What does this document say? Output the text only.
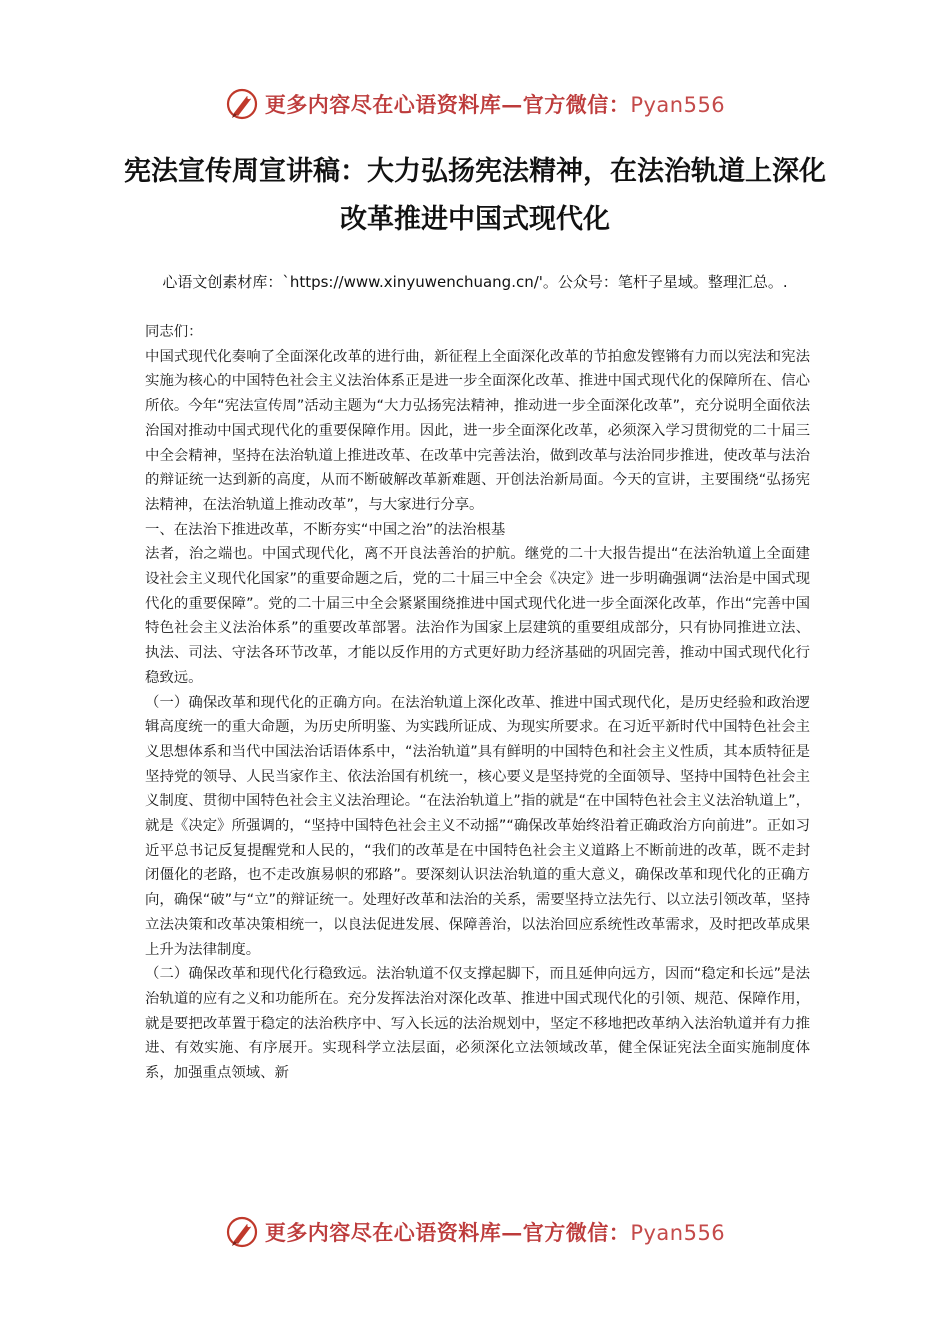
更多内容尽在心语资料库—官方微信：Pyan556
宪法宣传周宣讲稿：大力弘扬宪法精神，在法治轨道上深化改革推进中国式现代化
心语文创素材库：`https://www.xinyuwenchuang.cn/'。公众号：笔杆子星域。整理汇总。.

同志们：

中国式现代化奏响了全面深化改革的进行曲，新征程上全面深化改革的节拍愈发铿锵有力而以宪法和宪法实施为核心的中国特色社会主义法治体系正是进一步全面深化改革、推进中国式现代化的保障所在、信心所依。今年“宪法宣传周”活动主题为“大力弘扬宪法精神，推动进一步全面深化改革”，充分说明全面依法治国对推动中国式现代化的重要保障作用。因此，进一步全面深化改革，必须深入学习贯彻党的二十届三中全会精神，坚持在法治轨道上推进改革、在改革中完善法治，做到改革与法治同步推进，使改革与法治的辩证统一达到新的高度，从而不断破解改革新难题、开创法治新局面。今天的宣讲，主要围绕“弘扬宪法精神，在法治轨道上推动改革”，与大家进行分享。

一、在法治下推进改革，不断夯实“中国之治”的法治根基

法者，治之端也。中国式现代化，离不开良法善治的护航。继党的二十大报告提出“在法治轨道上全面建设社会主义现代化国家”的重要命题之后，党的二十届三中全会《决定》进一步明确强调“法治是中国式现代化的重要保障”。党的二十届三中全会紧紧围绕推进中国式现代化进一步全面深化改革，作出“完善中国特色社会主义法治体系”的重要改革部署。法治作为国家上层建筑的重要组成部分，只有协同推进立法、执法、司法、守法各环节改革，才能以反作用的方式更好助力经济基础的巩固完善，推动中国式现代化行稳致远。

（一）确保改革和现代化的正确方向。在法治轨道上深化改革、推进中国式现代化，是历史经验和政治逻辑高度统一的重大命题，为历史所明鉴、为实践所证成、为现实所要求。在习近平新时代中国特色社会主义思想体系和当代中国法治话语体系中，“法治轨道”具有鲜明的中国特色和社会主义性质，其本质特征是坚持党的领导、人民当家作主、依法治国有机统一，核心要义是坚持党的全面领导、坚持中国特色社会主义制度、贯彻中国特色社会主义法治理论。“在法治轨道上”指的就是“在中国特色社会主义法治轨道上”，就是《决定》所强调的，“坚持中国特色社会主义不动摇”“确保改革始终沿着正确政治方向前进”。正如习近平总书记反复提醒党和人民的，“我们的改革是在中国特色社会主义道路上不断前进的改革，既不走封闭僵化的老路，也不走改旗易帜的邪路”。要深刻认识法治轨道的重大意义，确保改革和现代化的正确方向，确保“破”与“立”的辩证统一。处理好改革和法治的关系，需要坚持立法先行、以立法引领改革，坚持立法决策和改革决策相统一，以良法促进发展、保障善治，以法治回应系统性改革需求，及时把改革成果上升为法律制度。

（二）确保改革和现代化行稳致远。法治轨道不仅支撑起脚下，而且延伸向远方，因而“稳定和长远”是法治轨道的应有之义和功能所在。充分发挥法治对深化改革、推进中国式现代化的引领、规范、保障作用，就是要把改革置于稳定的法治秩序中、写入长远的法治规划中，坚定不移地把改革纳入法治轨道并有力推进、有效实施、有序展开。实现科学立法层面，必须深化立法领域改革，健全保证宪法全面实施制度体系，加强重点领域、新

更多内容尽在心语资料库—官方微信：Pyan556
